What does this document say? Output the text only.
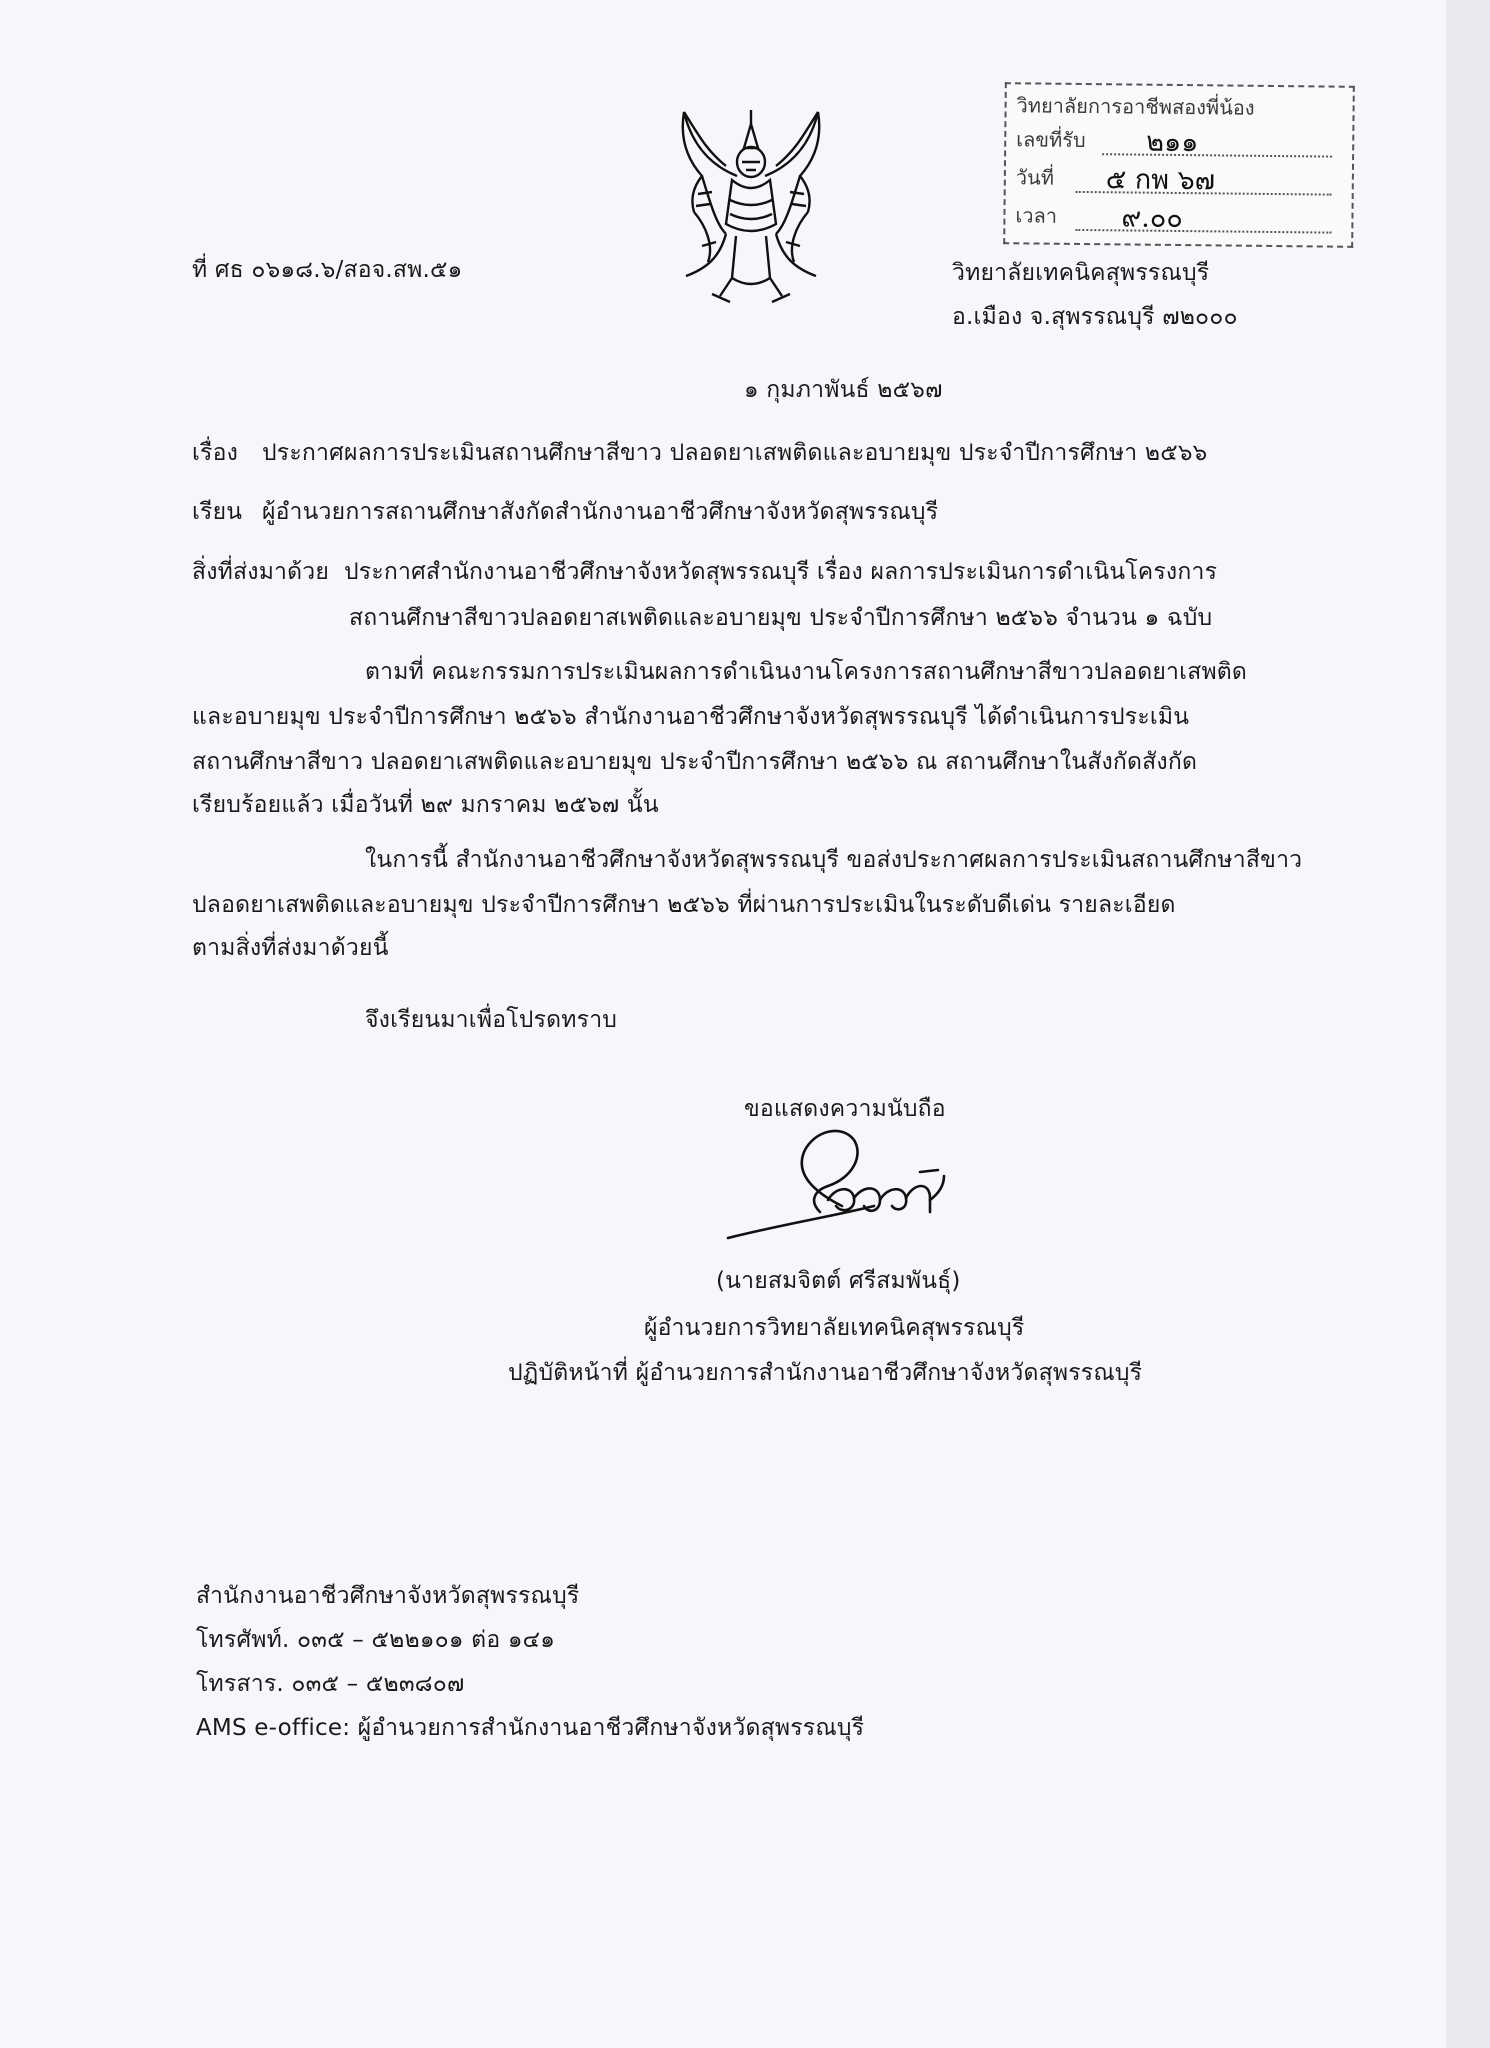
วิทยาลัยการอาชีพสองพี่น้อง
เลขที่รับ ๒๑๑
วันที่ ๕ กพ ๖๗
เวลา ๙.๐๐
ที่ ศธ ๐๖๑๘.๖/สอจ.สพ.๕๑	วิทยาลัยเทคนิคสุพรรณบุรี
อ.เมือง จ.สุพรรณบุรี ๗๒๐๐๐
๑ กุมภาพันธ์ ๒๕๖๗
เรื่อง ประกาศผลการประเมินสถานศึกษาสีขาว ปลอดยาเสพติดและอบายมุข ประจำปีการศึกษา ๒๕๖๖
เรียน ผู้อำนวยการสถานศึกษาสังกัดสำนักงานอาชีวศึกษาจังหวัดสุพรรณบุรี
สิ่งที่ส่งมาด้วย ประกาศสำนักงานอาชีวศึกษาจังหวัดสุพรรณบุรี เรื่อง ผลการประเมินการดำเนินโครงการ
สถานศึกษาสีขาวปลอดยาสเพติดและอบายมุข ประจำปีการศึกษา ๒๕๖๖ จำนวน ๑ ฉบับ
ตามที่ คณะกรรมการประเมินผลการดำเนินงานโครงการสถานศึกษาสีขาวปลอดยาเสพติด
และอบายมุข ประจำปีการศึกษา ๒๕๖๖ สำนักงานอาชีวศึกษาจังหวัดสุพรรณบุรี ได้ดำเนินการประเมิน
สถานศึกษาสีขาว ปลอดยาเสพติดและอบายมุข ประจำปีการศึกษา ๒๕๖๖ ณ สถานศึกษาในสังกัดสังกัด
เรียบร้อยแล้ว เมื่อวันที่ ๒๙ มกราคม ๒๕๖๗ นั้น
ในการนี้ สำนักงานอาชีวศึกษาจังหวัดสุพรรณบุรี ขอส่งประกาศผลการประเมินสถานศึกษาสีขาว
ปลอดยาเสพติดและอบายมุข ประจำปีการศึกษา ๒๕๖๖ ที่ผ่านการประเมินในระดับดีเด่น รายละเอียด
ตามสิ่งที่ส่งมาด้วยนี้
จึงเรียนมาเพื่อโปรดทราบ
ขอแสดงความนับถือ
(นายสมจิตต์ ศรีสมพันธุ์)
ผู้อำนวยการวิทยาลัยเทคนิคสุพรรณบุรี
ปฏิบัติหน้าที่ ผู้อำนวยการสำนักงานอาชีวศึกษาจังหวัดสุพรรณบุรี
สำนักงานอาชีวศึกษาจังหวัดสุพรรณบุรี
โทรศัพท์. ๐๓๕ – ๕๒๒๑๐๑ ต่อ ๑๔๑
โทรสาร. ๐๓๕ – ๕๒๓๘๐๗
AMS e-office: ผู้อำนวยการสำนักงานอาชีวศึกษาจังหวัดสุพรรณบุรี
